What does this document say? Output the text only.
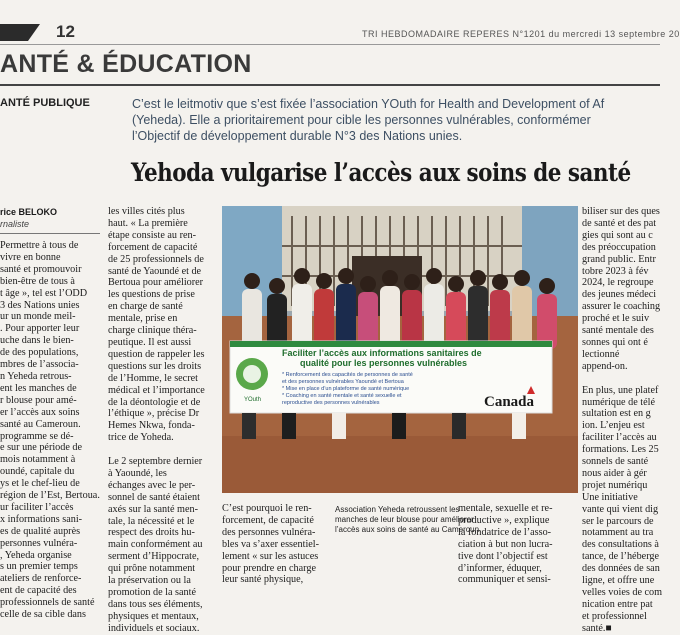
12	TRI HEBDOMADAIRE REPERES N°1201 du mercredi 13 septembre 20
ANTÉ & ÉDUCATION
ANTÉ PUBLIQUE	C’est le leitmotiv que s’est fixée l’association YOuth for Health and Development of Af
(Yeheda). Elle a prioritairement pour cible les personnes vulnérables, conformémer
l’Objectif de développement durable N°3 des Nations unies.
Yehoda vulgarise l’accès aux soins de santé
rice BELOKO
rnaliste
Permettre à tous de
vivre en bonne
santé et promouvoir
bien-être de tous à
t âge », tel est l’ODD
3 des Nations unies
ur un monde meil-
. Pour apporter leur
uche dans le bien-
de des populations,
mbres de l’associa-
n Yeheda retrous-
ent les manches de
r blouse pour amé-
er l’accès aux soins
santé au Cameroun.
programme se dé-
e sur une période de
mois notamment à
oundé, capitale du
ys et le chef-lieu de
région de l’Est, Bertoua.
ur faciliter l’accès
x informations sani-
es de qualité auprès
personnes vulnéra-
, Yeheda organise
s un premier temps
ateliers de renforce-
ent de capacité des
professionnels de santé
celle de sa cible dans
les villes cités plus
haut. « La première
étape consiste au ren-
forcement de capacité
de 25 professionnels de
santé de Yaoundé et de
Bertoua pour améliorer
les questions de prise
en charge de santé
mentale, prise en
charge clinique théra-
peutique. Il est aussi
question de rappeler les
questions sur les droits
de l’Homme, le secret
médical et l’importance
de la déontologie et de
l’éthique », précise Dr
Hemes Nkwa, fonda-
trice de Yoheda.

Le 2 septembre dernier
à Yaoundé, les
échanges avec le per-
sonnel de santé étaient
axés sur la santé men-
tale, la nécessité et le
respect des droits hu-
main conformément au
serment d’Hippocrate,
qui prône notamment
la préservation ou la
promotion de la santé
dans tous ses éléments,
physiques et mentaux,
individuels et sociaux.
C’est pourquoi le ren-
forcement, de capacité
des personnes vulnéra-
bles va s’axer essentiel-
lement « sur les astuces
pour prendre en charge
leur santé physique,
mentale, sexuelle et re-
productive », explique
la fondatrice de l’asso-
ciation à but non lucra-
tive dont l’objectif est
d’informer, éduquer,
communiquer et sensi-
biliser sur des ques
de santé et des pat
gies qui sont au c
des préoccupation
grand public. Entr
tobre 2023 à fév
2024, le regroupe
des jeunes médeci
assurer le coaching
proché et le suiv
santé mentale des
sonnes qui ont é
lectionné
append-on.

En plus, une platef
numérique de télé
sultation est en g
ion. L’enjeu est
faciliter l’accès au
formations. Les 25
sonnels de santé
nous aider à gér
projet numériqu
Une initiative
vante qui vient dig
ser le parcours de
notamment au tra
des consultations à
tance, de l’héberge
des données de san
ligne, et offre une
velles voies de com
nication entre pat
et professionnel
santé.■
YOuth
Faciliter l’accès aux informations sanitaires de
qualité pour les personnes vulnérables
* Renforcement des capacités de personnes de santé
et des personnes vulnérables Yaoundé et Bertoua
* Mise en place d’un plateforme de santé numérique
* Coaching en santé mentale et santé sexuelle et
reproductive des personnes vulnérables	Canada
Association Yeheda retroussent les
manches de leur blouse pour améliorer
l’accès aux soins de santé au Cameroun.
